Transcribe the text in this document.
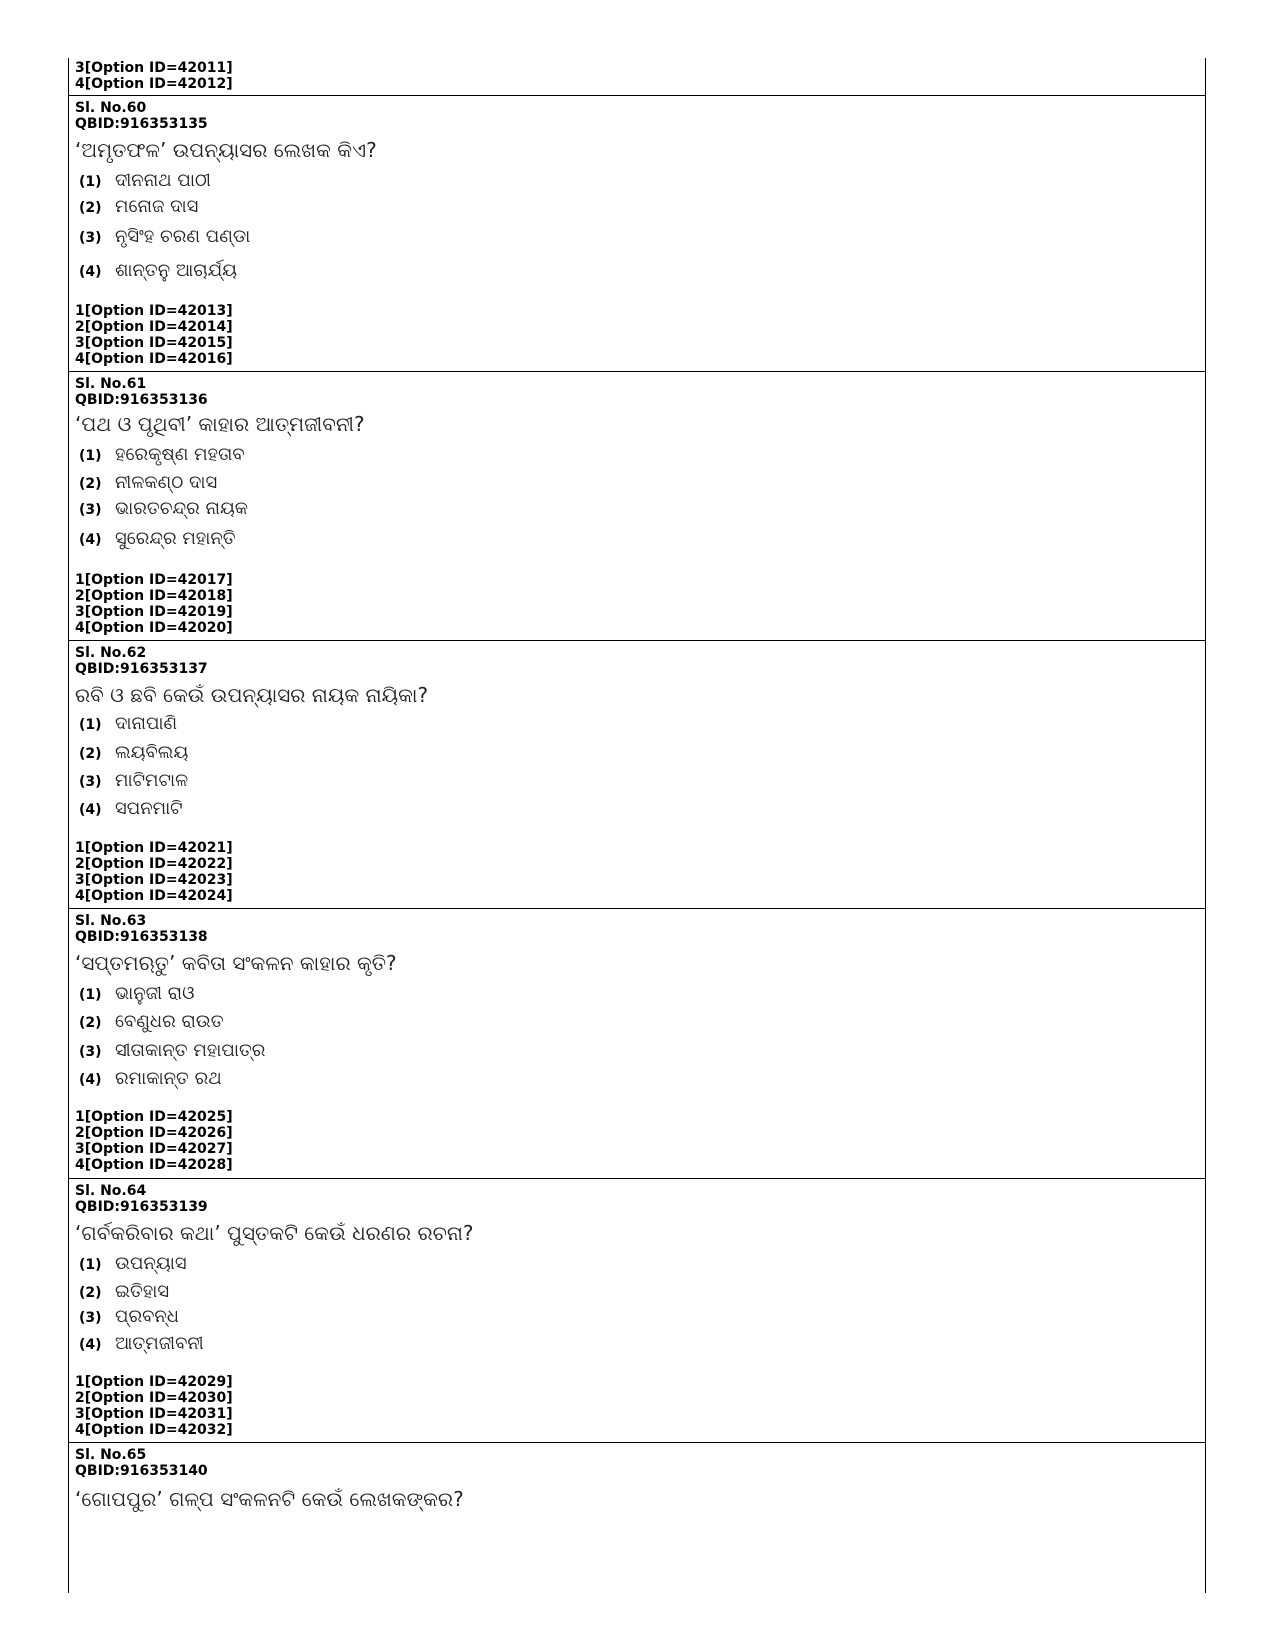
3[Option ID=42011]
4[Option ID=42012]
Sl. No.60
QBID:916353135
‘ଅମୃତଫଳ’ ଉପନ୍ୟାସର ଲେଖକ କିଏ?
(1) ଦୀନନାଥ ପାଠୀ
(2) ମନୋଜ ଦାସ
(3) ନୃସିଂହ ଚରଣ ପଣ୍ଡା
(4) ଶାନ୍ତନୁ ଆଚାର୍ଯ୍ୟ
1[Option ID=42013]
2[Option ID=42014]
3[Option ID=42015]
4[Option ID=42016]
Sl. No.61
QBID:916353136
‘ପଥ ଓ ପୃଥିବୀ’ କାହାର ଆତ୍ମଜୀବନୀ?
(1) ହରେକୃଷ୍ଣ ମହତାବ
(2) ନୀଳକଣ୍ଠ ଦାସ
(3) ଭାରତଚନ୍ଦ୍ର ନାୟକ
(4) ସୁରେନ୍ଦ୍ର ମହାନ୍ତି
1[Option ID=42017]
2[Option ID=42018]
3[Option ID=42019]
4[Option ID=42020]
Sl. No.62
QBID:916353137
ରବି ଓ ଛବି କେଉଁ ଉପନ୍ୟାସର ନାୟକ ନାୟିକା?
(1) ଦାନାପାଣି
(2) ଲୟବିଲୟ
(3) ମାଟିମଟାଳ
(4) ସପନମାଟି
1[Option ID=42021]
2[Option ID=42022]
3[Option ID=42023]
4[Option ID=42024]
Sl. No.63
QBID:916353138
‘ସପ୍ତମଋତୁ’ କବିତା ସଂକଳନ କାହାର କୃତି?
(1) ଭାନୁଜୀ ରାଓ
(2) ବେଣୁଧର ରାଉତ
(3) ସୀତାକାନ୍ତ ମହାପାତ୍ର
(4) ରମାକାନ୍ତ ରଥ
1[Option ID=42025]
2[Option ID=42026]
3[Option ID=42027]
4[Option ID=42028]
Sl. No.64
QBID:916353139
‘ଗର୍ବକରିବାର କଥା’ ପୁସ୍ତକଟି କେଉଁ ଧରଣର ରଚନା?
(1) ଉପନ୍ୟାସ
(2) ଇତିହାସ
(3) ପ୍ରବନ୍ଧ
(4) ଆତ୍ମଜୀବନୀ
1[Option ID=42029]
2[Option ID=42030]
3[Option ID=42031]
4[Option ID=42032]
Sl. No.65
QBID:916353140
‘ଗୋପପୁର’ ଗଳ୍ପ ସଂକଳନଟି କେଉଁ ଲେଖକଙ୍କର?
